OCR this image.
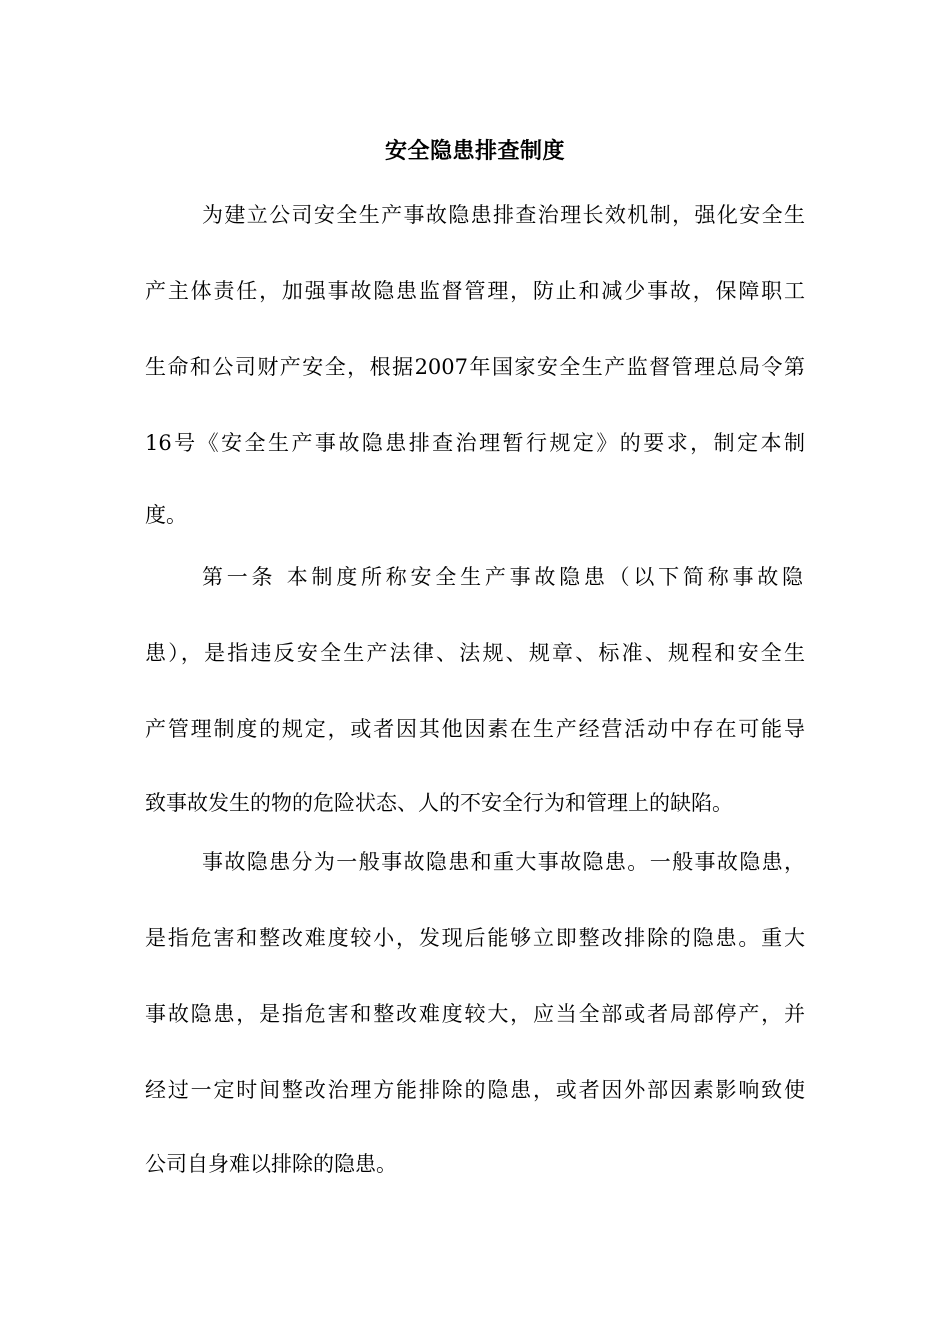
安全隐患排查制度
为建立公司安全生产事故隐患排查治理长效机制，强化安全生
产主体责任，加强事故隐患监督管理，防止和减少事故，保障职工
生命和公司财产安全，根据2007年国家安全生产监督管理总局令第
16号《安全生产事故隐患排查治理暂行规定》的要求，制定本制
度。
第一条 本制度所称安全生产事故隐患（以下简称事故隐
患），是指违反安全生产法律、法规、规章、标准、规程和安全生
产管理制度的规定，或者因其他因素在生产经营活动中存在可能导
致事故发生的物的危险状态、人的不安全行为和管理上的缺陷。
事故隐患分为一般事故隐患和重大事故隐患。一般事故隐患，
是指危害和整改难度较小，发现后能够立即整改排除的隐患。重大
事故隐患，是指危害和整改难度较大，应当全部或者局部停产，并
经过一定时间整改治理方能排除的隐患，或者因外部因素影响致使
公司自身难以排除的隐患。
